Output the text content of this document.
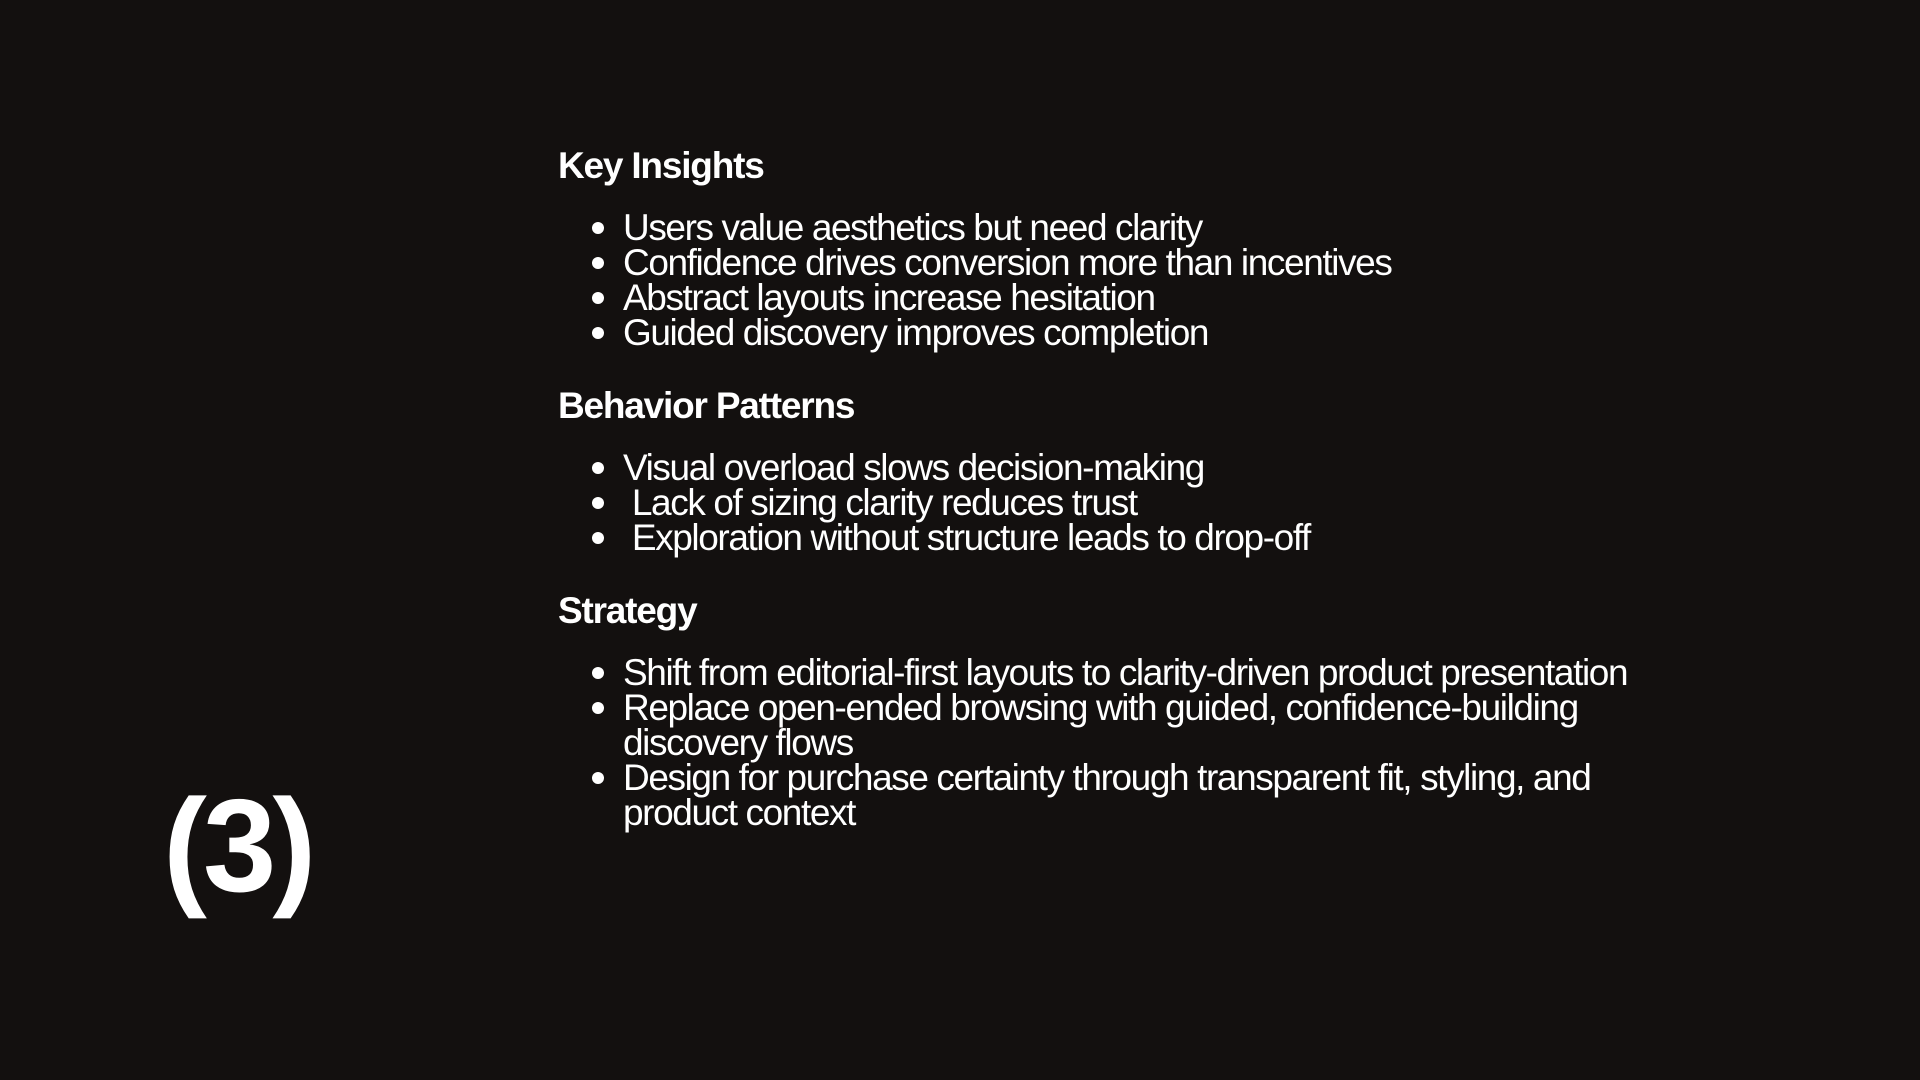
Key Insights
Users value aesthetics but need clarity
Confidence drives conversion more than incentives
Abstract layouts increase hesitation
Guided discovery improves completion
Behavior Patterns
Visual overload slows decision-making
Lack of sizing clarity reduces trust
Exploration without structure leads to drop-off
Strategy
Shift from editorial-first layouts to clarity-driven product presentation
Replace open-ended browsing with guided, confidence-building discovery flows
Design for purchase certainty through transparent fit, styling, and product context
(3)
